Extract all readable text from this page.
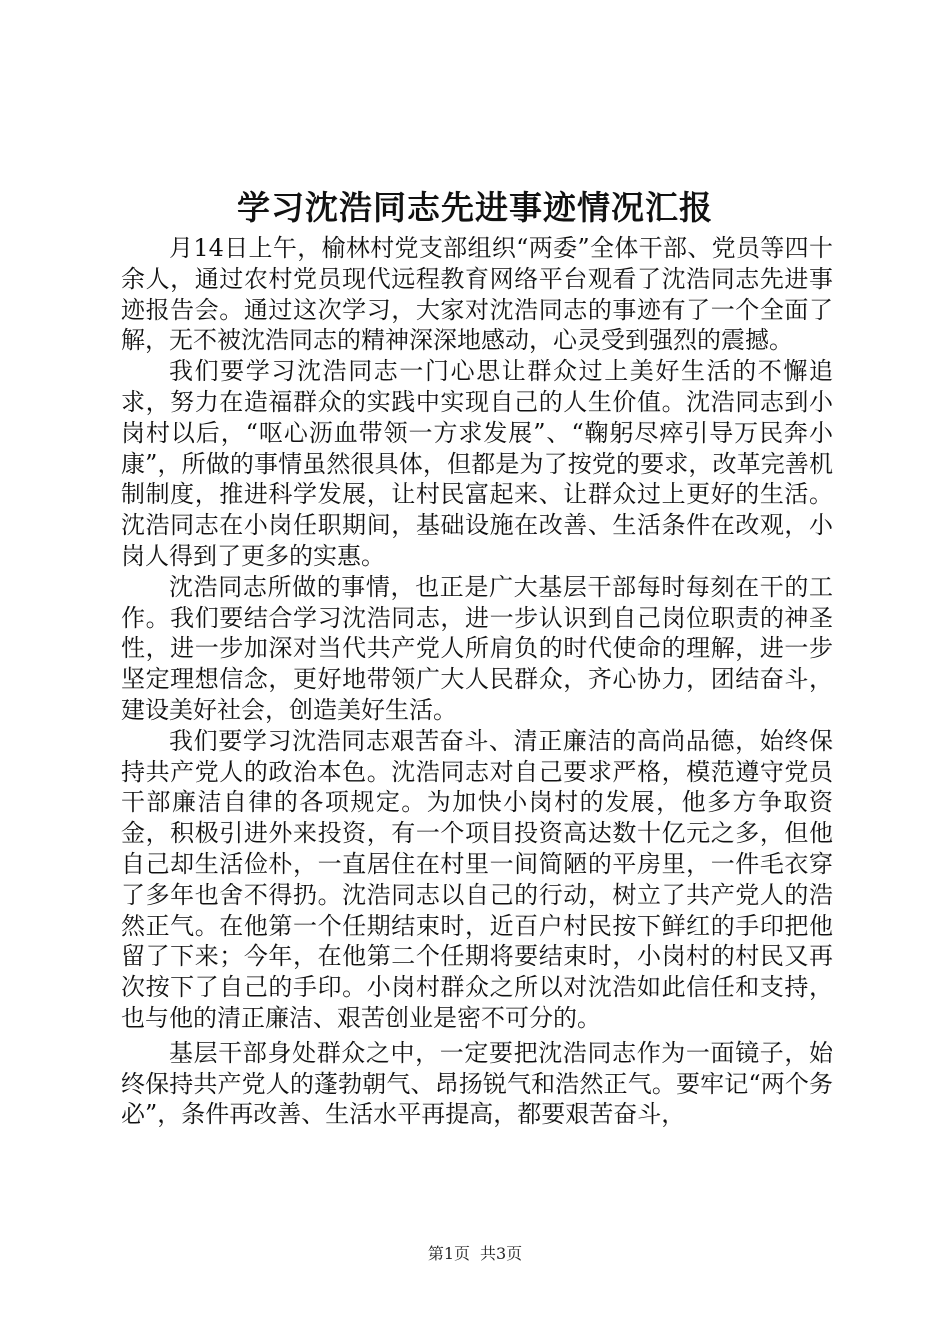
学习沈浩同志先进事迹情况汇报

月14日上午，榆林村党支部组织“两委”全体干部、党员等四十余人，通过农村党员现代远程教育网络平台观看了沈浩同志先进事迹报告会。通过这次学习，大家对沈浩同志的事迹有了一个全面了解，无不被沈浩同志的精神深深地感动，心灵受到强烈的震撼。

我们要学习沈浩同志一门心思让群众过上美好生活的不懈追求，努力在造福群众的实践中实现自己的人生价值。沈浩同志到小岗村以后，“呕心沥血带领一方求发展”、“鞠躬尽瘁引导万民奔小康”，所做的事情虽然很具体，但都是为了按党的要求，改革完善机制制度，推进科学发展，让村民富起来、让群众过上更好的生活。沈浩同志在小岗任职期间，基础设施在改善、生活条件在改观，小岗人得到了更多的实惠。

沈浩同志所做的事情，也正是广大基层干部每时每刻在干的工作。我们要结合学习沈浩同志，进一步认识到自己岗位职责的神圣性，进一步加深对当代共产党人所肩负的时代使命的理解，进一步坚定理想信念，更好地带领广大人民群众，齐心协力，团结奋斗，建设美好社会，创造美好生活。

我们要学习沈浩同志艰苦奋斗、清正廉洁的高尚品德，始终保持共产党人的政治本色。沈浩同志对自己要求严格，模范遵守党员干部廉洁自律的各项规定。为加快小岗村的发展，他多方争取资金，积极引进外来投资，有一个项目投资高达数十亿元之多，但他自己却生活俭朴，一直居住在村里一间简陋的平房里，一件毛衣穿了多年也舍不得扔。沈浩同志以自己的行动，树立了共产党人的浩然正气。在他第一个任期结束时，近百户村民按下鲜红的手印把他留了下来；今年，在他第二个任期将要结束时，小岗村的村民又再次按下了自己的手印。小岗村群众之所以对沈浩如此信任和支持，也与他的清正廉洁、艰苦创业是密不可分的。

基层干部身处群众之中，一定要把沈浩同志作为一面镜子，始终保持共产党人的蓬勃朝气、昂扬锐气和浩然正气。要牢记“两个务必”，条件再改善、生活水平再提高，都要艰苦奋斗，

第1页 共3页
